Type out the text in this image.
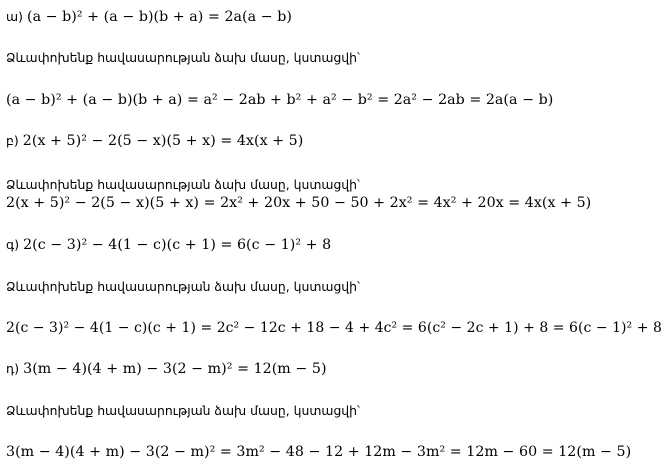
ա) (a − b)² + (a − b)(b + a) = 2a(a − b)
Ձևափոխենք հավասարության ձախ մասը, կստացվի՝
(a − b)² + (a − b)(b + a) = a² − 2ab + b² + a² − b² = 2a² − 2ab = 2a(a − b)
բ) 2(x + 5)² − 2(5 − x)(5 + x) = 4x(x + 5)
Ձևափոխենք հավասարության ձախ մասը, կստացվի՝
2(x + 5)² − 2(5 − x)(5 + x) = 2x² + 20x + 50 − 50 + 2x² = 4x² + 20x = 4x(x + 5)
գ) 2(c − 3)² − 4(1 − c)(c + 1) = 6(c − 1)² + 8
Ձևափոխենք հավասարության ձախ մասը, կստացվի՝
2(c − 3)² − 4(1 − c)(c + 1) = 2c² − 12c + 18 − 4 + 4c² = 6(c² − 2c + 1) + 8 = 6(c − 1)² + 8
դ) 3(m − 4)(4 + m) − 3(2 − m)² = 12(m − 5)
Ձևափոխենք հավասարության ձախ մասը, կստացվի՝
3(m − 4)(4 + m) − 3(2 − m)² = 3m² − 48 − 12 + 12m − 3m² = 12m − 60 = 12(m − 5)
